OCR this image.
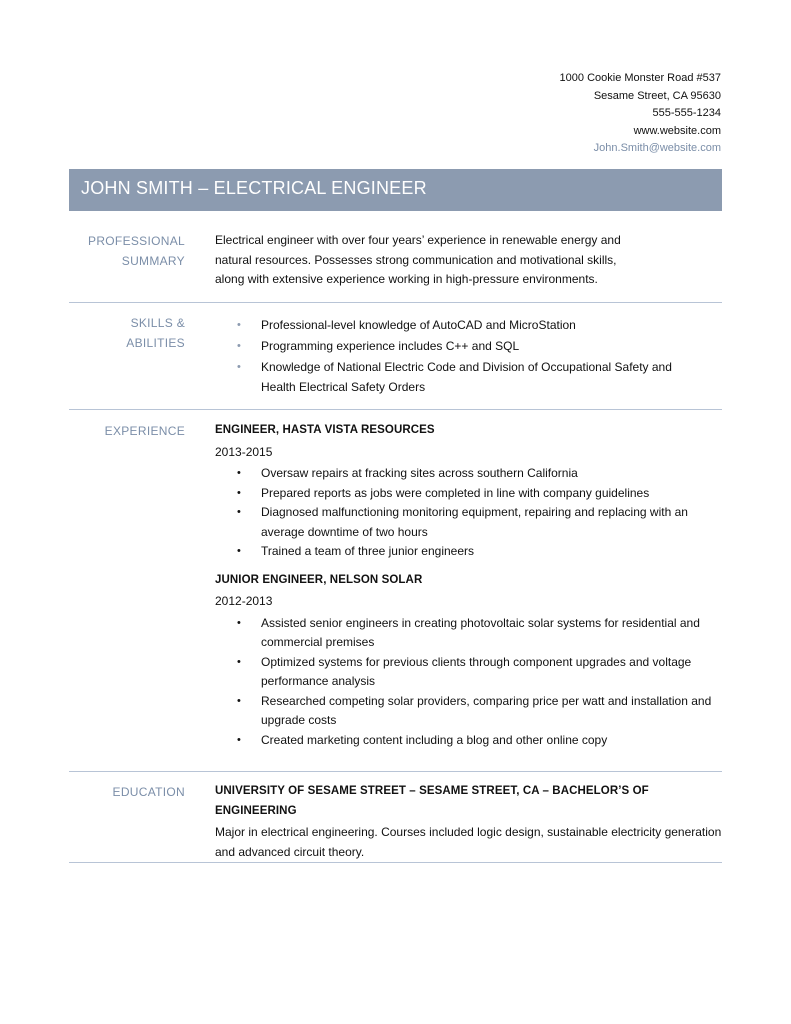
1000 Cookie Monster Road #537
Sesame Street, CA 95630
555-555-1234
www.website.com
John.Smith@website.com
JOHN SMITH – ELECTRICAL ENGINEER
PROFESSIONAL
SUMMARY
Electrical engineer with over four years’ experience in renewable energy and natural resources. Possesses strong communication and motivational skills, along with extensive experience working in high-pressure environments.
SKILLS & ABILITIES
• Professional-level knowledge of AutoCAD and MicroStation
• Programming experience includes C++ and SQL
• Knowledge of National Electric Code and Division of Occupational Safety and Health Electrical Safety Orders
EXPERIENCE	ENGINEER, HASTA VISTA RESOURCES
2013-2015
• Oversaw repairs at fracking sites across southern California
• Prepared reports as jobs were completed in line with company guidelines
• Diagnosed malfunctioning monitoring equipment, repairing and replacing with an average downtime of two hours
• Trained a team of three junior engineers
JUNIOR ENGINEER, NELSON SOLAR
2012-2013
• Assisted senior engineers in creating photovoltaic solar systems for residential and commercial premises
• Optimized systems for previous clients through component upgrades and voltage performance analysis
• Researched competing solar providers, comparing price per watt and installation and upgrade costs
• Created marketing content including a blog and other online copy
EDUCATION	UNIVERSITY OF SESAME STREET – SESAME STREET, CA – BACHELOR’S OF ENGINEERING
Major in electrical engineering. Courses included logic design, sustainable electricity generation and advanced circuit theory.
